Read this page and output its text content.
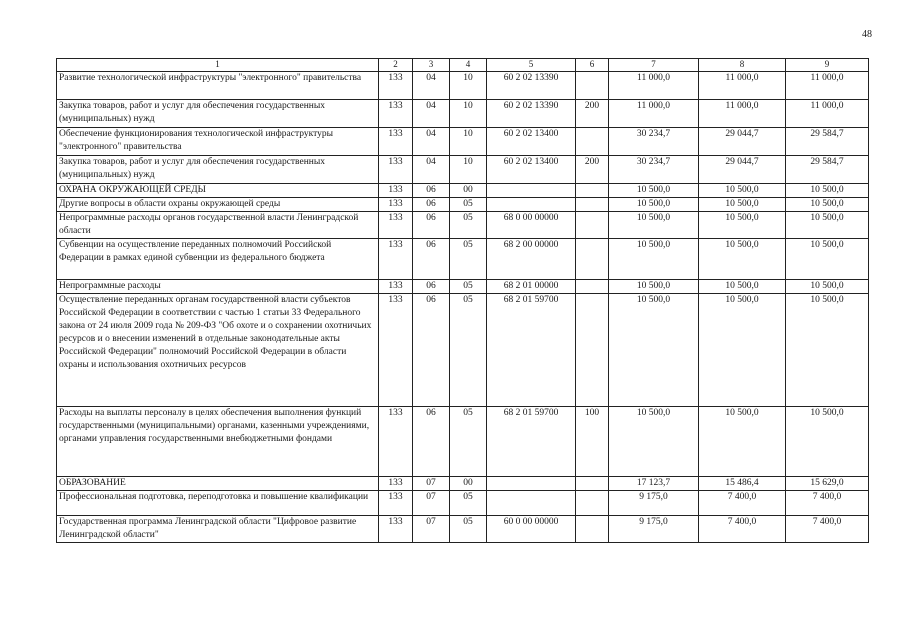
48
1	2	3	4	5	6	7	8	9
Развитие технологической инфраструктуры "электронного" правительства	133	04	10	60 2 02 13390		11 000,0	11 000,0	11 000,0
Закупка товаров, работ и услуг для обеспечения государственных (муниципальных) нужд	133	04	10	60 2 02 13390	200	11 000,0	11 000,0	11 000,0
Обеспечение функционирования технологической инфраструктуры "электронного" правительства	133	04	10	60 2 02 13400		30 234,7	29 044,7	29 584,7
Закупка товаров, работ и услуг для обеспечения государственных (муниципальных) нужд	133	04	10	60 2 02 13400	200	30 234,7	29 044,7	29 584,7
ОХРАНА ОКРУЖАЮЩЕЙ СРЕДЫ	133	06	00			10 500,0	10 500,0	10 500,0
Другие вопросы в области охраны окружающей среды	133	06	05			10 500,0	10 500,0	10 500,0
Непрограммные расходы органов государственной власти Ленинградской области	133	06	05	68 0 00 00000		10 500,0	10 500,0	10 500,0
Субвенции на осуществление переданных полномочий Российской Федерации в рамках единой субвенции из федерального бюджета	133	06	05	68 2 00 00000		10 500,0	10 500,0	10 500,0
Непрограммные расходы	133	06	05	68 2 01 00000		10 500,0	10 500,0	10 500,0
Осуществление переданных органам государственной власти субъектов Российской Федерации в соответствии с частью 1 статьи 33 Федерального закона от 24 июля 2009 года № 209-ФЗ "Об охоте и о сохранении охотничьих ресурсов и о внесении изменений в отдельные законодательные акты Российской Федерации" полномочий Российской Федерации в области охраны и использования охотничьих ресурсов	133	06	05	68 2 01 59700		10 500,0	10 500,0	10 500,0
Расходы на выплаты персоналу в целях обеспечения выполнения функций государственными (муниципальными) органами, казенными учреждениями, органами управления государственными внебюджетными фондами	133	06	05	68 2 01 59700	100	10 500,0	10 500,0	10 500,0
ОБРАЗОВАНИЕ	133	07	00			17 123,7	15 486,4	15 629,0
Профессиональная подготовка, переподготовка и повышение квалификации	133	07	05			9 175,0	7 400,0	7 400,0
Государственная программа Ленинградской области "Цифровое развитие Ленинградской области"	133	07	05	60 0 00 00000		9 175,0	7 400,0	7 400,0
